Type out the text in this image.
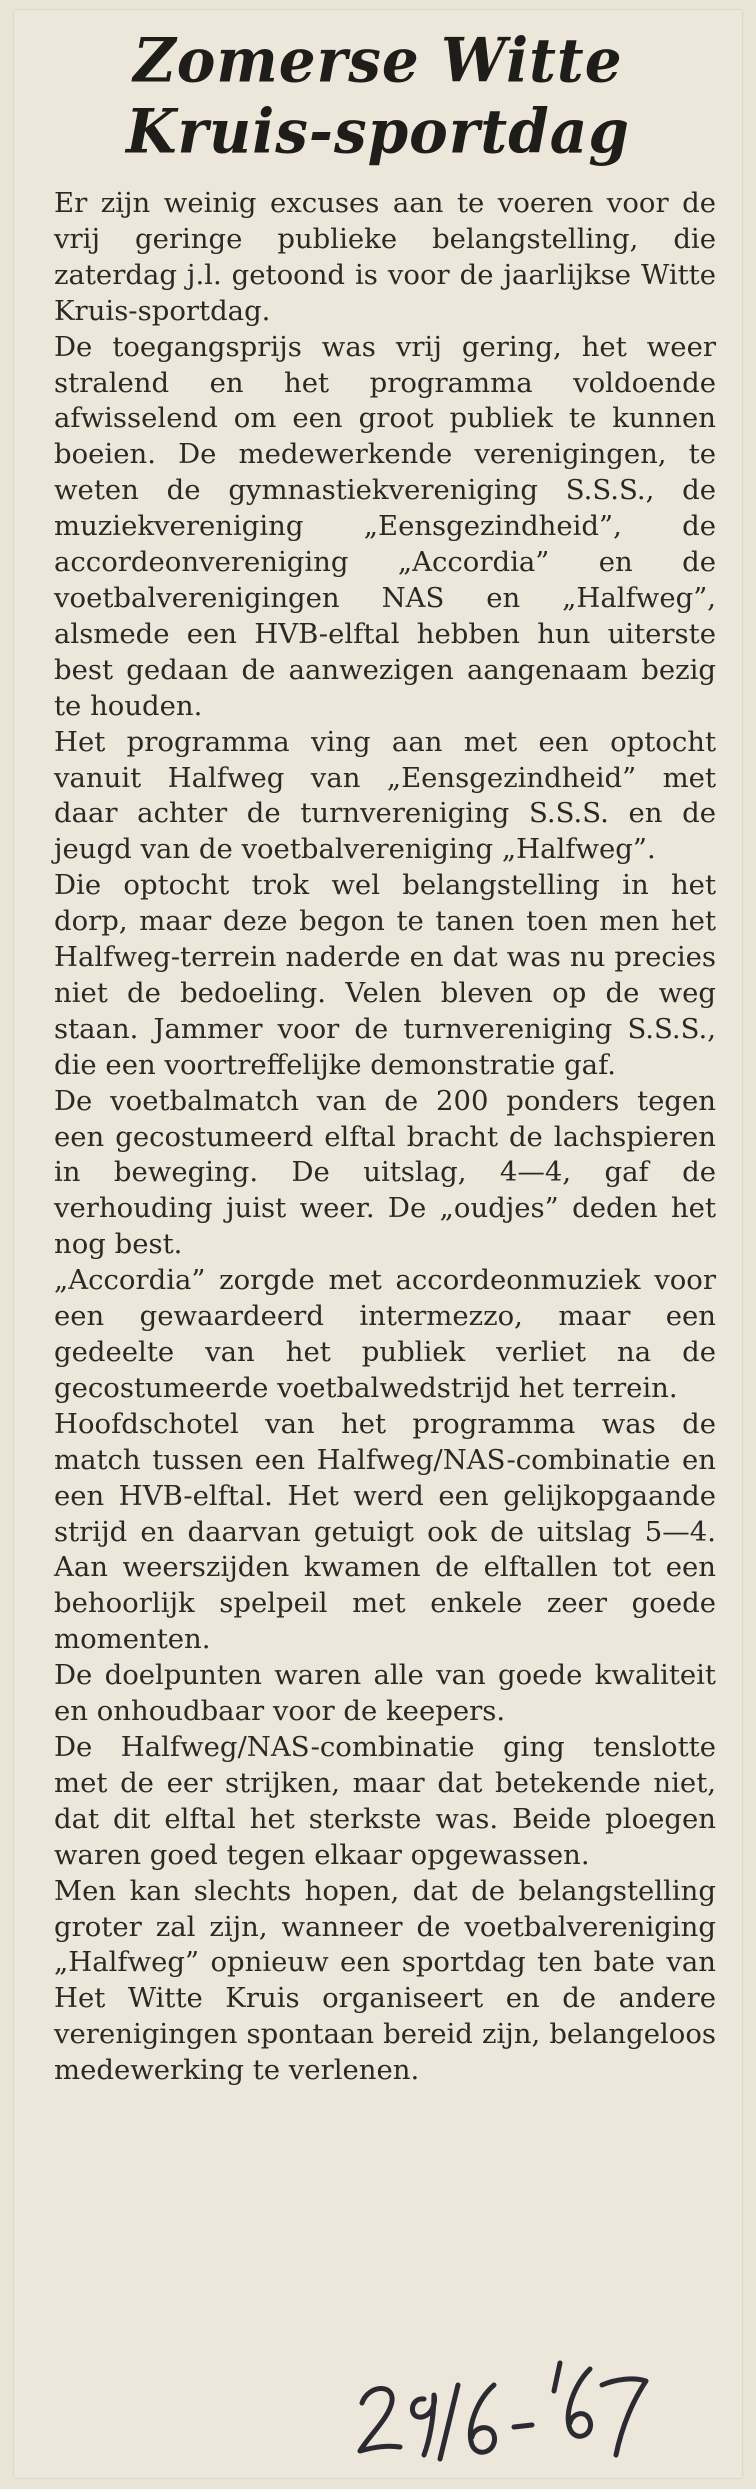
Zomerse Witte
Kruis-sportdag

Er zijn weinig excuses aan te voeren voor de vrij geringe publieke belangstelling, die zaterdag j.l. getoond is voor de jaarlijkse Witte Kruis-sportdag.

De toegangsprijs was vrij gering, het weer stralend en het programma voldoende afwisselend om een groot publiek te kunnen boeien. De medewerkende verenigingen, te weten de gymnastiekvereniging S.S.S., de muziekvereniging „Eensgezindheid”, de accordeonvereniging „Accordia” en de voetbalverenigingen NAS en „Halfweg”, alsmede een HVB-elftal hebben hun uiterste best gedaan de aanwezigen aangenaam bezig te houden.

Het programma ving aan met een optocht vanuit Halfweg van „Eensgezindheid” met daar achter de turnvereniging S.S.S. en de jeugd van de voetbalvereniging „Halfweg”.

Die optocht trok wel belangstelling in het dorp, maar deze begon te tanen toen men het Halfweg-terrein naderde en dat was nu precies niet de bedoeling. Velen bleven op de weg staan. Jammer voor de turnvereniging S.S.S., die een voortreffelijke demonstratie gaf.

De voetbalmatch van de 200 ponders tegen een gecostumeerd elftal bracht de lachspieren in beweging. De uitslag, 4—4, gaf de verhouding juist weer. De „oudjes” deden het nog best.

„Accordia” zorgde met accordeonmuziek voor een gewaardeerd intermezzo, maar een gedeelte van het publiek verliet na de gecostumeerde voetbalwedstrijd het terrein.

Hoofdschotel van het programma was de match tussen een Halfweg/NAS-combinatie en een HVB-elftal. Het werd een gelijkopgaande strijd en daarvan getuigt ook de uitslag 5—4. Aan weerszijden kwamen de elftallen tot een behoorlijk spelpeil met enkele zeer goede momenten.

De doelpunten waren alle van goede kwaliteit en onhoudbaar voor de keepers.

De Halfweg/NAS-combinatie ging tenslotte met de eer strijken, maar dat betekende niet, dat dit elftal het sterkste was. Beide ploegen waren goed tegen elkaar opgewassen.

Men kan slechts hopen, dat de belangstelling groter zal zijn, wanneer de voetbalvereniging „Halfweg” opnieuw een sportdag ten bate van Het Witte Kruis organiseert en de andere verenigingen spontaan bereid zijn, belangeloos medewerking te verlenen.
